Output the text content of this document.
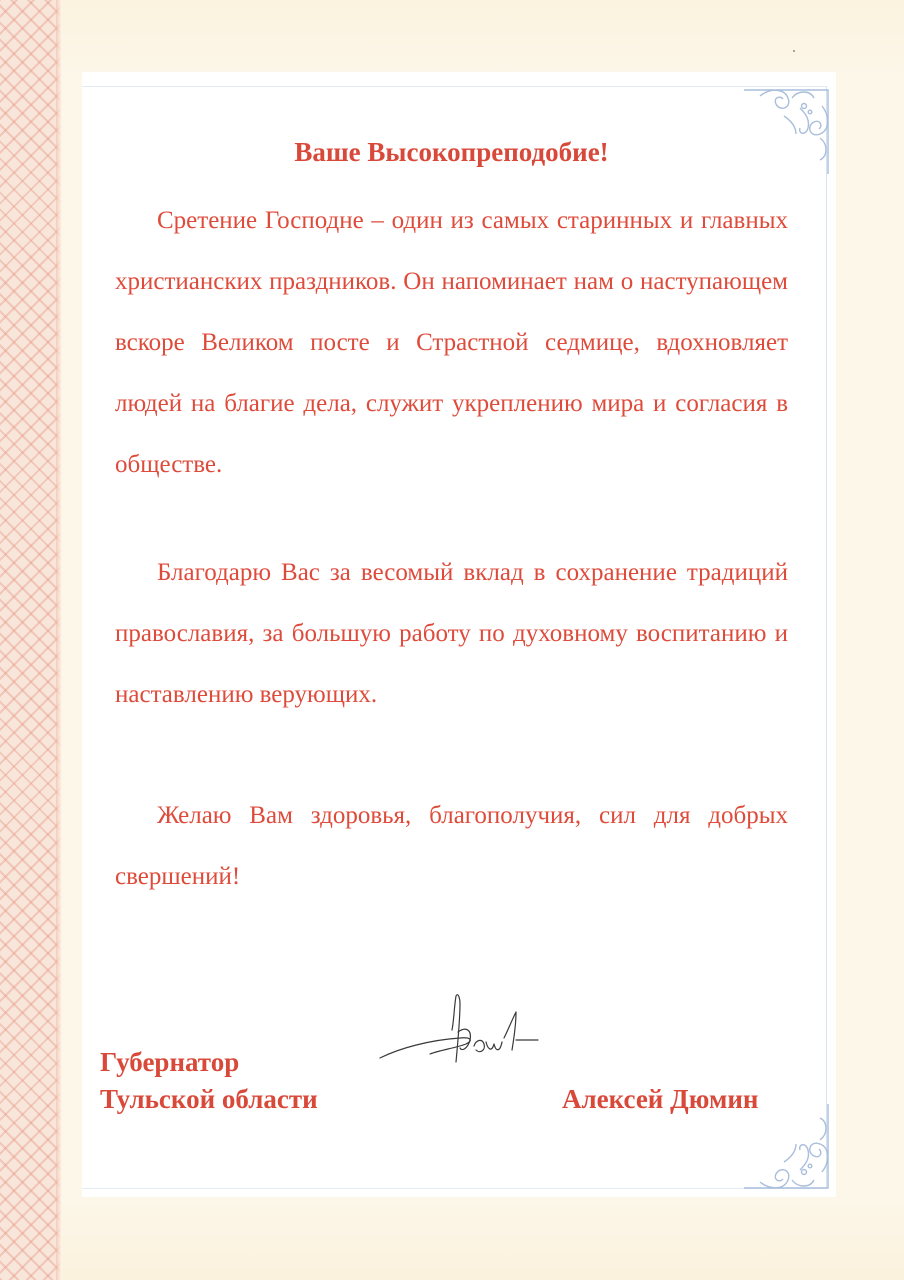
Ваше Высокопреподобие!

Сретение Господне – один из самых старинных и главных христианских праздников. Он напоминает нам о наступающем вскоре Великом посте и Страстной седмице, вдохновляет людей на благие дела, служит укреплению мира и согласия в обществе.

Благодарю Вас за весомый вклад в сохранение традиций православия, за большую работу по духовному воспитанию и наставлению верующих.

Желаю Вам здоровья, благополучия, сил для добрых свершений!

Губернатор

Тульской области	Алексей Дюмин
